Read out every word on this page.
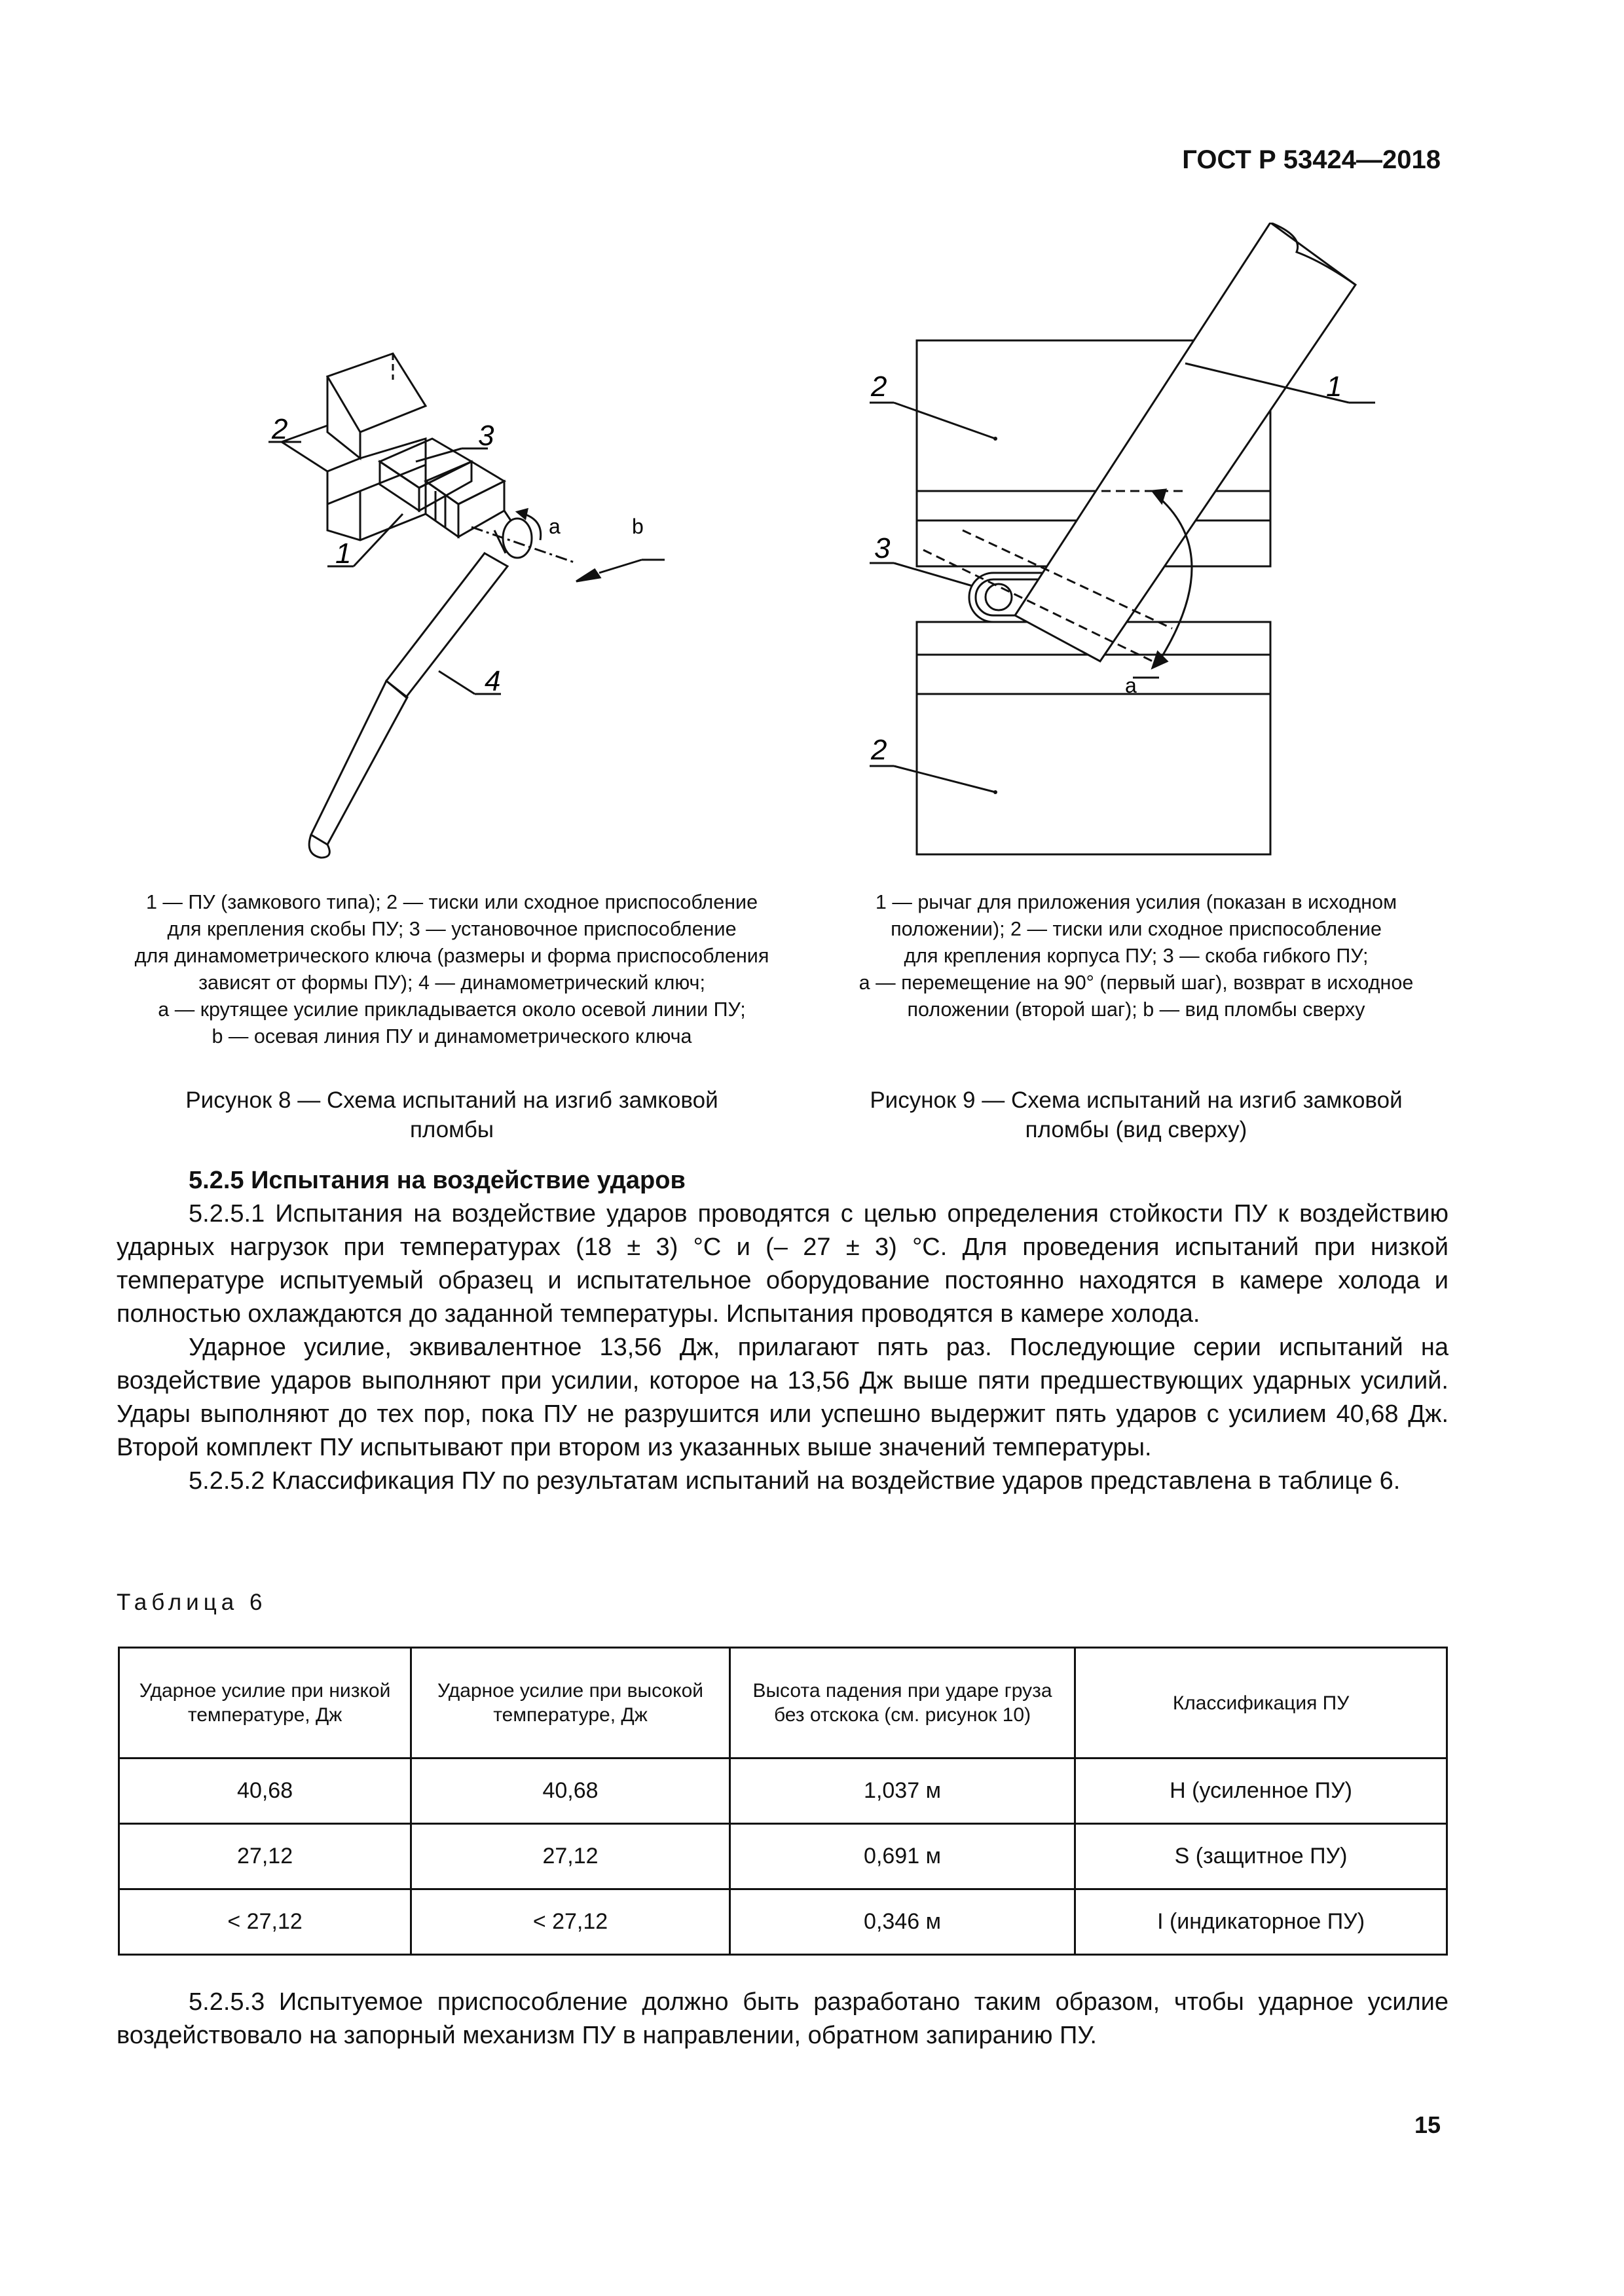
ГОСТ Р 53424—2018
2	3
1
4
a	b
2
3
2
1
a

1 — ПУ (замкового типа); 2 — тиски или сходное приспособление

для крепления скобы ПУ; 3 — установочное приспособление

для динамометрического ключа (размеры и форма приспособления

зависят от формы ПУ); 4 — динамометрический ключ;

а — крутящее усилие прикладывается около осевой линии ПУ;

b — осевая линия ПУ и динамометрического ключа

1 — рычаг для приложения усилия (показан в исходном

положении); 2 — тиски или сходное приспособление

для крепления корпуса ПУ; 3 — скоба гибкого ПУ;

а — перемещение на 90° (первый шаг), возврат в исходное

положении (второй шаг); b — вид пломбы сверху

Рисунок 8 — Схема испытаний на изгиб замковой

пломбы

Рисунок 9 — Схема испытаний на изгиб замковой

пломбы (вид сверху)

5.2.5 Испытания на воздействие ударов

5.2.5.1 Испытания на воздействие ударов проводятся с целью определения стойкости ПУ к воздействию ударных нагрузок при температурах (18 ± 3) °С и (– 27 ± 3) °С. Для проведения испытаний при низкой температуре испытуемый образец и испытательное оборудование постоянно находятся в камере холода и полностью охлаждаются до заданной температуры. Испытания проводятся в камере холода.

Ударное усилие, эквивалентное 13,56 Дж, прилагают пять раз. Последующие серии испытаний на воздействие ударов выполняют при усилии, которое на 13,56 Дж выше пяти предшествующих ударных усилий. Удары выполняют до тех пор, пока ПУ не разрушится или успешно выдержит пять ударов с усилием 40,68 Дж. Второй комплект ПУ испытывают при втором из указанных выше значений температуры.

5.2.5.2 Классификация ПУ по результатам испытаний на воздействие ударов представлена в таблице 6.

Таблица 6
Ударное усилие при низкой температуре, Дж	Ударное усилие при высокой температуре, Дж	Высота падения при ударе груза без отскока (см. рисунок 10)	Классификация ПУ
40,68	40,68	1,037 м	Н (усиленное ПУ)
27,12	27,12	0,691 м	S (защитное ПУ)
< 27,12	< 27,12	0,346 м	I (индикаторное ПУ)

5.2.5.3 Испытуемое приспособление должно быть разработано таким образом, чтобы ударное усилие воздействовало на запорный механизм ПУ в направлении, обратном запиранию ПУ.

15
